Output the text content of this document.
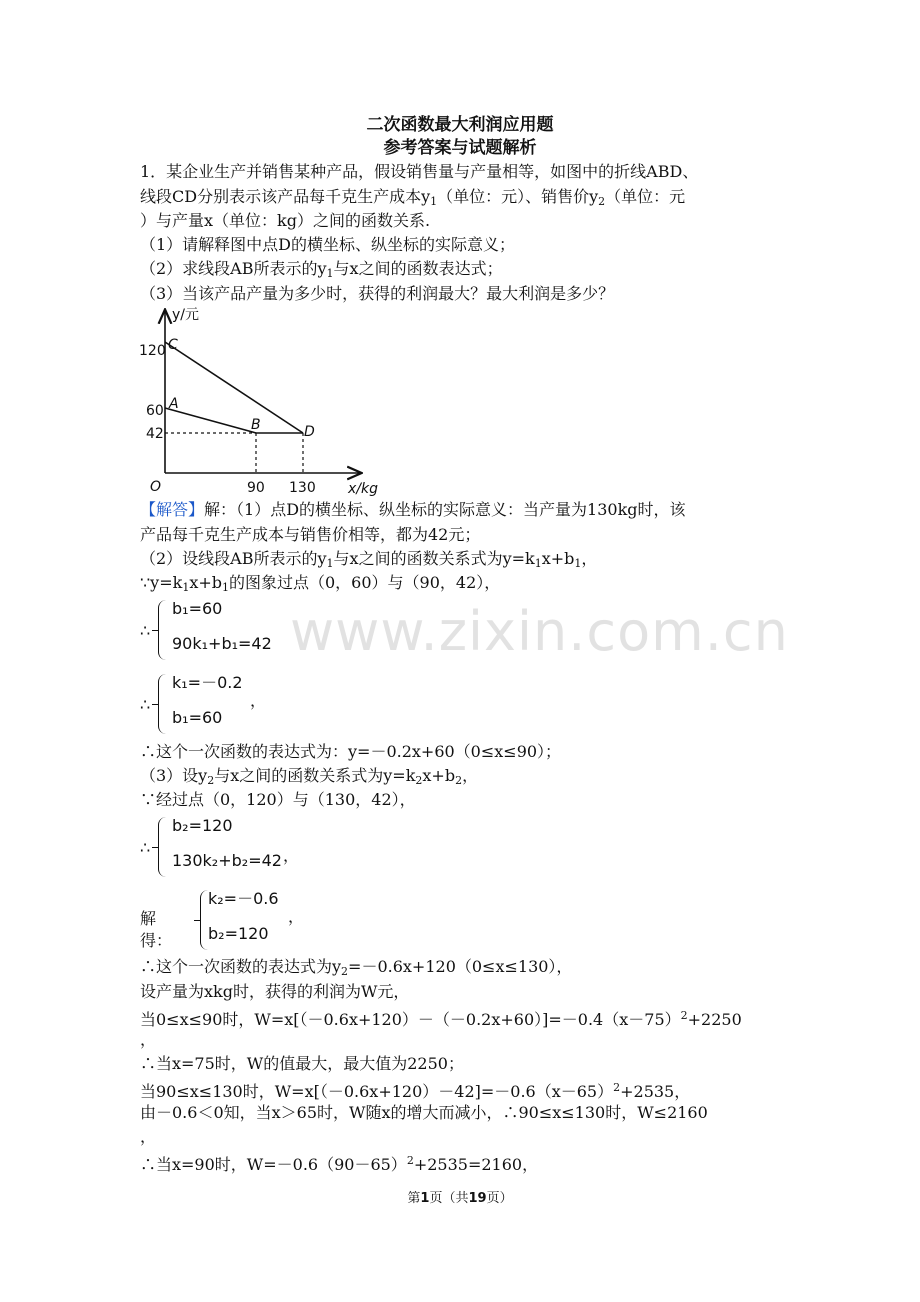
二次函数最大利润应用题
参考答案与试题解析
1．某企业生产并销售某种产品，假设销售量与产量相等，如图中的折线ABD、
线段CD分别表示该产品每千克生产成本$y_1$（单位：元）、销售价$y_2$（单位：元
）与产量x（单位：kg）之间的函数关系.
（1）请解释图中点D的横坐标、纵坐标的实际意义；
（2）求线段AB所表示的$y_1$与x之间的函数表达式；
（3）当该产品产量为多少时，获得的利润最大？最大利润是多少？
y/元
x/kg
O
C
A
B	D
120
60
42
90 130
【解答】解：（1）点D的横坐标、纵坐标的实际意义：当产量为130kg时，该
产品每千克生产成本与销售价相等，都为42元；
（2）设线段AB所表示的$y_1$与x之间的函数关系式为$y=k_1x+b_1$，
$\because y=k_1x+b_1$的图象过点（0，60）与（90，42），
∴
b₁=60
90k₁+b₁=42
∴
k₁=－0.2
b₁=60
，
∴这个一次函数的表达式为：y=－0.2x+60（0≤x≤90）；
（3）设$y_2$与x之间的函数关系式为$y=k_2x+b_2$，
∵经过点（0，120）与（130，42），
∴
b₂=120
130k₂+b₂=42 ，
解得：
k₂=－0.6
b₂=120
，
∴这个一次函数的表达式为$y_2=-0.6x+120(0\le x\le 130)$，
设产量为xkg时，获得的利润为W元，
当0≤x≤90时，$W=x[(-0.6x+120)-(-0.2x+60)]=-0.4(x-75)^2+2250$
，
∴当x=75时，W的值最大，最大值为2250；
当90≤x≤130时，$W=x[(-0.6x+120)-42]=-0.6(x-65)^2+2535$，
由－0.6＜0知，当x＞65时，W随x的增大而减小，∴90≤x≤130时，W≤2160
，
∴当x=90时，$W=-0.6(90-65)^2+2535=2160$，
www.zixin.com.cn
第1页（共19页）
